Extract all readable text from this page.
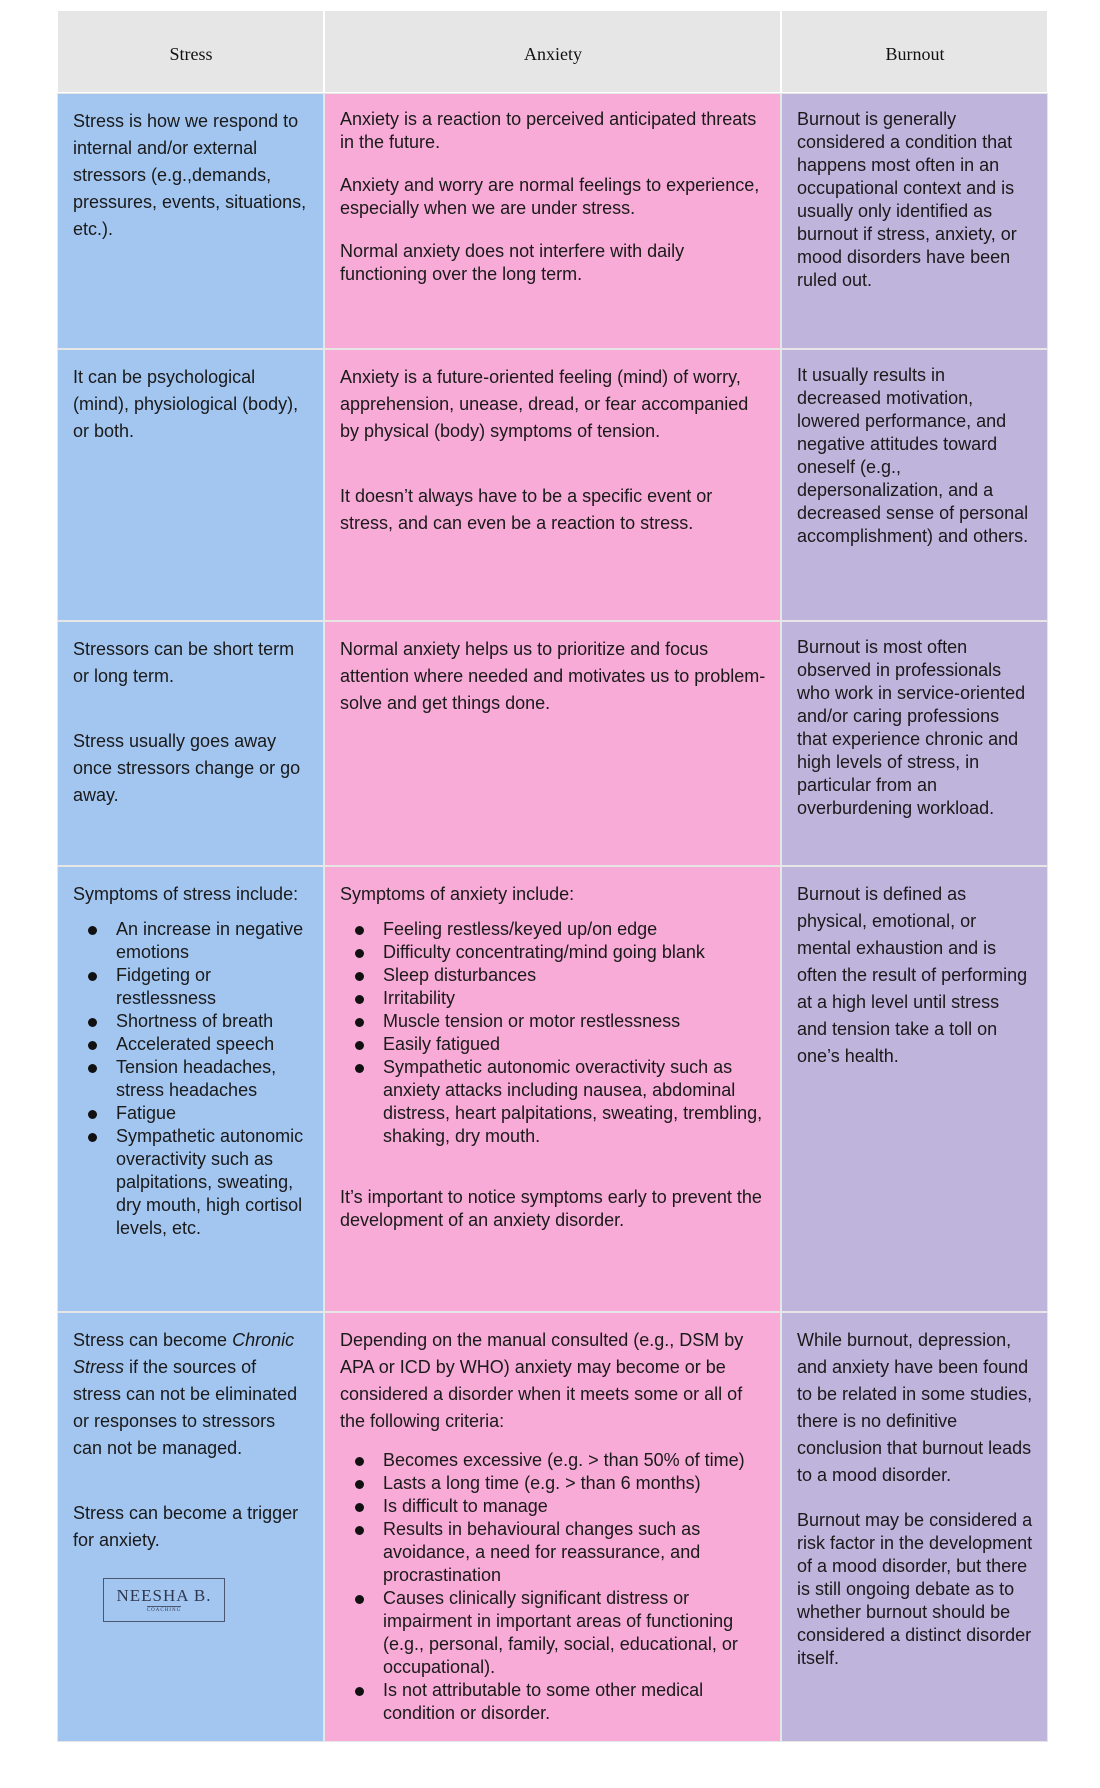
Stress	Anxiety	Burnout

Stress is how we respond to internal and/or external stressors (e.g.,demands, pressures, events, situations, etc.).

Anxiety is a reaction to perceived anticipated threats in the future.

Anxiety and worry are normal feelings to experience, especially when we are under stress.

Normal anxiety does not interfere with daily functioning over the long term.

Burnout is generally considered a condition that happens most often in an occupational context and is usually only identified as burnout if stress, anxiety, or mood disorders have been ruled out.

It can be psychological (mind), physiological (body), or both.

Anxiety is a future-oriented feeling (mind) of worry, apprehension, unease, dread, or fear accompanied by physical (body) symptoms of tension.

It doesn’t always have to be a specific event or stress, and can even be a reaction to stress.

It usually results in decreased motivation, lowered performance, and negative attitudes toward oneself (e.g., depersonalization, and a decreased sense of personal accomplishment) and others.

Stressors can be short term or long term.

Stress usually goes away once stressors change or go away.

Normal anxiety helps us to prioritize and focus attention where needed and motivates us to problem-solve and get things done.

Burnout is most often observed in professionals who work in service-oriented and/or caring professions that experience chronic and high levels of stress, in particular from an overburdening workload.

Symptoms of stress include:

An increase in negative emotions
Fidgeting or restlessness
Shortness of breath
Accelerated speech
Tension headaches, stress headaches
Fatigue
Sympathetic autonomic overactivity such as palpitations, sweating, dry mouth, high cortisol levels, etc.

Symptoms of anxiety include:

Feeling restless/keyed up/on edge
Difficulty concentrating/mind going blank
Sleep disturbances
Irritability
Muscle tension or motor restlessness
Easily fatigued
Sympathetic autonomic overactivity such as anxiety attacks including nausea, abdominal distress, heart palpitations, sweating, trembling, shaking, dry mouth.

It’s important to notice symptoms early to prevent the development of an anxiety disorder.

Burnout is defined as physical, emotional, or mental exhaustion and is often the result of performing at a high level until stress and tension take a toll on one’s health.

Stress can become Chronic Stress if the sources of stress can not be eliminated or responses to stressors can not be managed.

Stress can become a trigger for anxiety.

NEESHA B.
COACHING

Depending on the manual consulted (e.g., DSM by APA or ICD by WHO) anxiety may become or be considered a disorder when it meets some or all of the following criteria:

Becomes excessive (e.g. > than 50% of time)
Lasts a long time (e.g. > than 6 months)
Is difficult to manage
Results in behavioural changes such as avoidance, a need for reassurance, and procrastination
Causes clinically significant distress or impairment in important areas of functioning (e.g., personal, family, social, educational, or occupational).
Is not attributable to some other medical condition or disorder.

While burnout, depression, and anxiety have been found to be related in some studies, there is no definitive conclusion that burnout leads to a mood disorder.

Burnout may be considered a risk factor in the development of a mood disorder, but there is still ongoing debate as to whether burnout should be considered a distinct disorder itself.
